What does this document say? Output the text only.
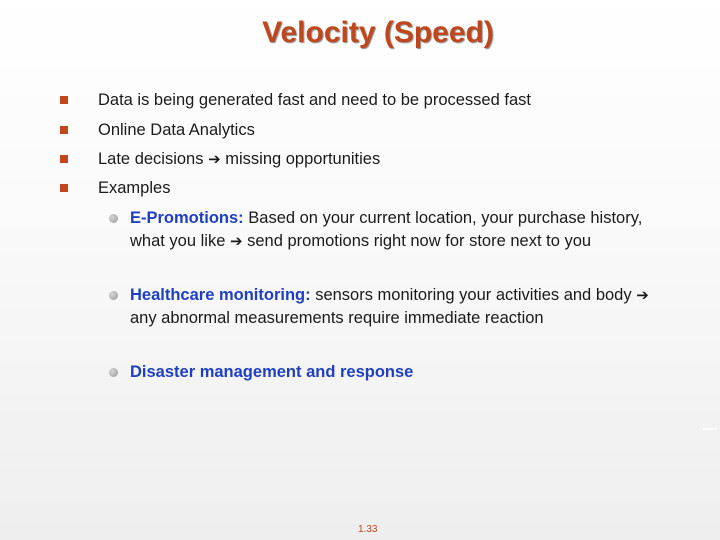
Velocity (Speed)
Data is being generated fast and need to be processed fast
Online Data Analytics
Late decisions ➔ missing opportunities
Examples
E-Promotions: Based on your current location, your purchase history, what you like ➔ send promotions right now for store next to you
Healthcare monitoring: sensors monitoring your activities and body ➔ any abnormal measurements require immediate reaction
Disaster management and response
1.33
